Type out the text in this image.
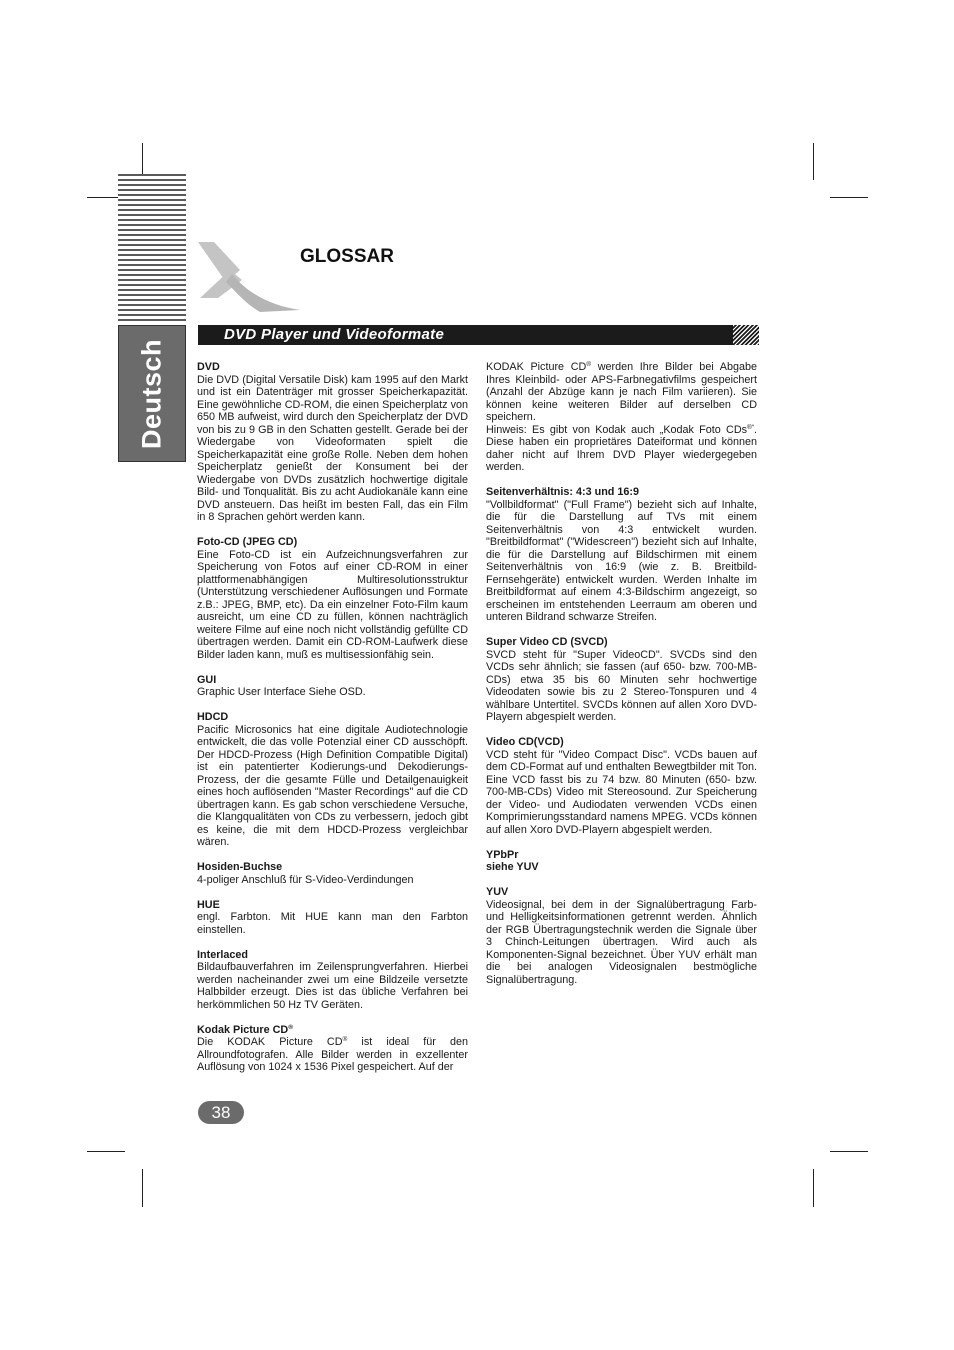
Deutsch
GLOSSAR
DVD Player und Videoformate
DVD
Die DVD (Digital Versatile Disk) kam 1995 auf den Markt und ist ein Datenträger mit grosser Speicherkapazität. Eine gewöhnliche CD-ROM, die einen Speicherplatz von 650 MB aufweist, wird durch den Speicherplatz der DVD von bis zu 9 GB in den Schatten gestellt. Gerade bei der Wiedergabe von Videoformaten spielt die Speicherkapazität eine große Rolle. Neben dem hohen Speicherplatz genießt der Konsument bei der Wiedergabe von DVDs zusätzlich hochwertige digitale Bild- und Tonqualität. Bis zu acht Audiokanäle kann eine DVD ansteuern. Das heißt im besten Fall, das ein Film in 8 Sprachen gehört werden kann.
Foto-CD (JPEG CD)
Eine Foto-CD ist ein Aufzeichnungsverfahren zur Speicherung von Fotos auf einer CD-ROM in einer plattformenabhängigen Multiresolutionsstruktur (Unterstützung verschiedener Auflösungen und Formate z.B.: JPEG, BMP, etc). Da ein einzelner Foto-Film kaum ausreicht, um eine CD zu füllen, können nachträglich weitere Filme auf eine noch nicht vollständig gefüllte CD übertragen werden. Damit ein CD-ROM-Laufwerk diese Bilder laden kann, muß es multisessionfähig sein.
GUI
Graphic User Interface Siehe OSD.
HDCD
Pacific Microsonics hat eine digitale Audiotechnologie entwickelt, die das volle Potenzial einer CD ausschöpft. Der HDCD-Prozess (High Definition Compatible Digital) ist ein patentierter Kodierungs-und Dekodierungs-Prozess, der die gesamte Fülle und Detailgenauigkeit eines hoch auflösenden "Master Recordings" auf die CD übertragen kann. Es gab schon verschiedene Versuche, die Klangqualitäten von CDs zu verbessern, jedoch gibt es keine, die mit dem HDCD-Prozess vergleichbar wären.
Hosiden-Buchse
4-poliger Anschluß für S-Video-Verdindungen
HUE
engl. Farbton. Mit HUE kann man den Farbton einstellen.
Interlaced
Bildaufbauverfahren im Zeilensprungverfahren. Hierbei werden nacheinander zwei um eine Bildzeile versetzte Halbbilder erzeugt. Dies ist das übliche Verfahren bei herkömmlichen 50 Hz TV Geräten.
Kodak Picture CD®
Die KODAK Picture CD® ist ideal für den Allroundfotografen. Alle Bilder werden in exzellenter Auflösung von 1024 x 1536 Pixel gespeichert. Auf der
KODAK Picture CD® werden Ihre Bilder bei Abgabe Ihres Kleinbild- oder APS-Farbnegativfilms gespeichert (Anzahl der Abzüge kann je nach Film variieren). Sie können keine weiteren Bilder auf derselben CD speichern.
Hinweis: Es gibt von Kodak auch „Kodak Foto CDs®“. Diese haben ein proprietäres Dateiformat und können daher nicht auf Ihrem DVD Player wiedergegeben werden.
Seitenverhältnis: 4:3 und 16:9
"Vollbildformat" ("Full Frame") bezieht sich auf Inhalte, die für die Darstellung auf TVs mit einem Seitenverhältnis von 4:3 entwickelt wurden. "Breitbildformat" ("Widescreen") bezieht sich auf Inhalte, die für die Darstellung auf Bildschirmen mit einem Seitenverhältnis von 16:9 (wie z. B. Breitbild-Fernsehgeräte) entwickelt wurden. Werden Inhalte im Breitbildformat auf einem 4:3-Bildschirm angezeigt, so erscheinen im entstehenden Leerraum am oberen und unteren Bildrand schwarze Streifen.
Super Video CD (SVCD)
SVCD steht für "Super VideoCD". SVCDs sind den VCDs sehr ähnlich; sie fassen (auf 650- bzw. 700-MB-CDs) etwa 35 bis 60 Minuten sehr hochwertige Videodaten sowie bis zu 2 Stereo-Tonspuren und 4 wählbare Untertitel. SVCDs können auf allen Xoro DVD-Playern abgespielt werden.
Video CD(VCD)
VCD steht für "Video Compact Disc". VCDs bauen auf dem CD-Format auf und enthalten Bewegtbilder mit Ton. Eine VCD fasst bis zu 74 bzw. 80 Minuten (650- bzw. 700-MB-CDs) Video mit Stereosound. Zur Speicherung der Video- und Audiodaten verwenden VCDs einen Komprimierungsstandard namens MPEG. VCDs können auf allen Xoro DVD-Playern abgespielt werden.
YPbPr
siehe YUV
YUV
Videosignal, bei dem in der Signalübertragung Farb- und Helligkeitsinformationen getrennt werden. Ähnlich der RGB Übertragungstechnik werden die Signale über 3 Chinch-Leitungen übertragen. Wird auch als Komponenten-Signal bezeichnet. Über YUV erhält man die bei analogen Videosignalen bestmögliche Signalübertragung.
38
